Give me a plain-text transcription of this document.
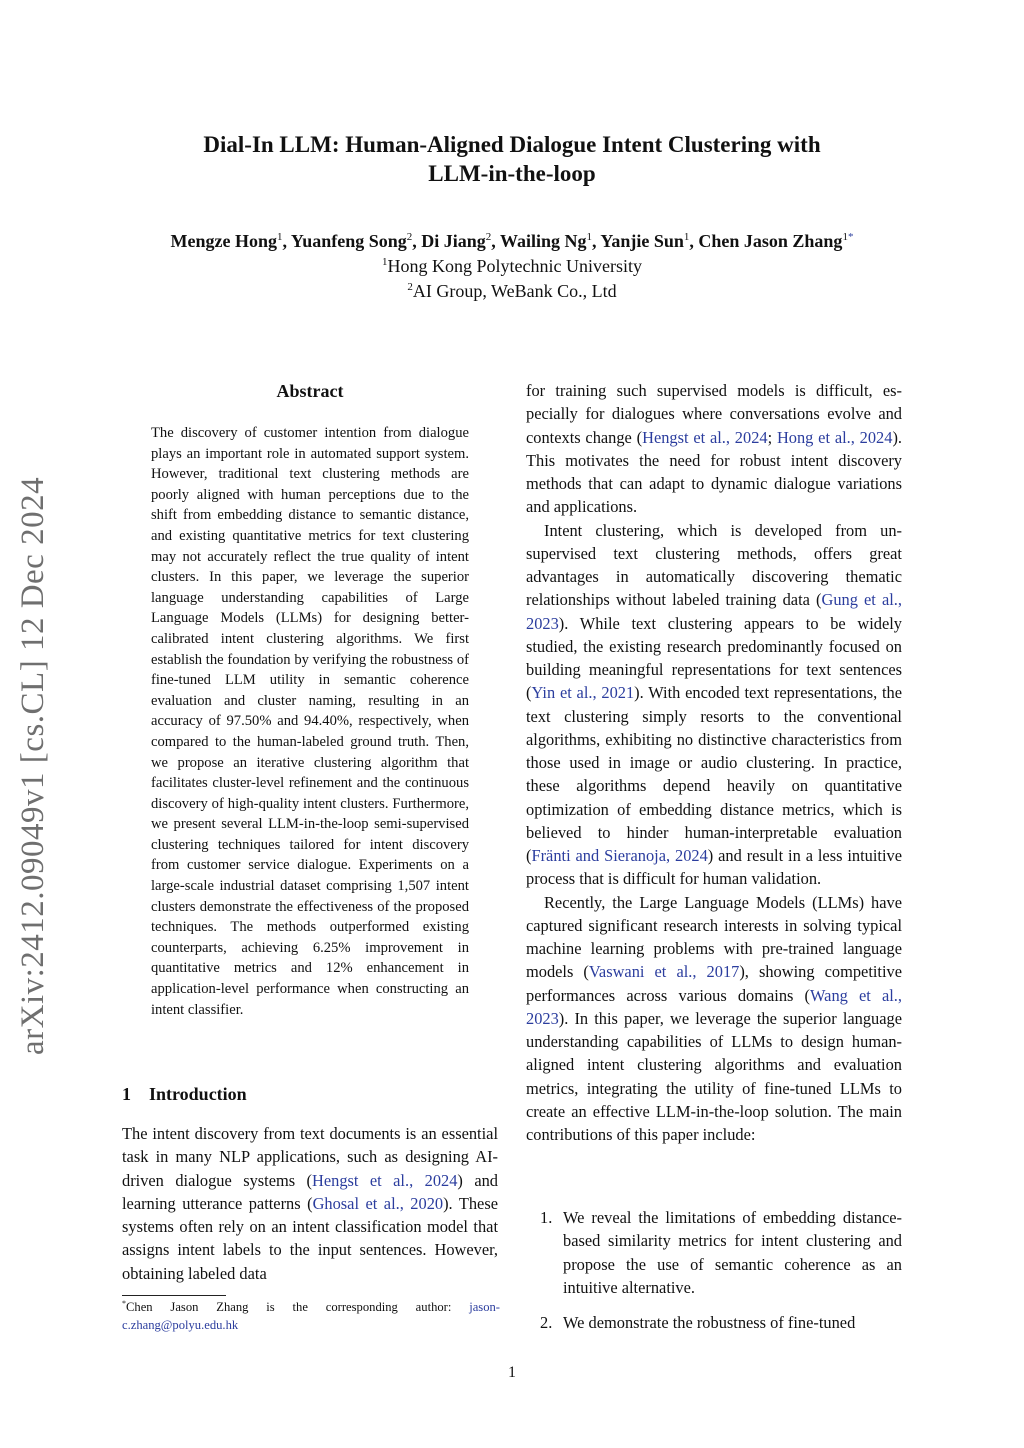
Dial-In LLM: Human-Aligned Dialogue Intent Clustering with
LLM-in-the-loop
Mengze Hong$^1$, Yuanfeng Song$^2$, Di Jiang$^2$, Wailing Ng$^1$, Yanjie Sun$^1$, Chen Jason Zhang$^{1*}$
$^1$Hong Kong Polytechnic University
$^2$AI Group, WeBank Co., Ltd
arXiv:2412.09049v1 [cs.CL] 12 Dec 2024
Abstract
The discovery of customer intention from dialogue plays an important role in automated support system. However, traditional text clustering methods are poorly aligned with human perceptions due to the shift from embedding distance to semantic distance, and existing quantitative metrics for text clustering may not accurately reflect the true quality of intent clusters. In this paper, we leverage the superior language understanding capabilities of Large Language Models (LLMs) for designing better-calibrated intent clustering algorithms. We first establish the foundation by verifying the robustness of fine-tuned LLM utility in semantic coherence evaluation and cluster naming, resulting in an accuracy of 97.50% and 94.40%, respectively, when compared to the human-labeled ground truth. Then, we propose an iterative clustering algorithm that facilitates cluster-level refinement and the continuous discovery of high-quality intent clusters. Furthermore, we present several LLM-in-the-loop semi-supervised clustering techniques tailored for intent discovery from customer service dialogue. Experiments on a large-scale industrial dataset comprising 1,507 intent clusters demonstrate the effectiveness of the proposed techniques. The methods outperformed existing counterparts, achieving 6.25% improvement in quantitative metrics and 12% enhancement in application-level performance when constructing an intent classifier.
1 Introduction

The intent discovery from text documents is an essential task in many NLP applications, such as designing AI-driven dialogue systems (Hengst et al., 2024) and learning utterance patterns (Ghosal et al., 2020). These systems often rely on an intent classification model that assigns intent labels to the input sentences. However, obtaining labeled data

for training such supervised models is difficult, especially for dialogues where conversations evolve and contexts change (Hengst et al., 2024; Hong et al., 2024). This motivates the need for robust intent discovery methods that can adapt to dynamic dialogue variations and applications.

Intent clustering, which is developed from unsupervised text clustering methods, offers great advantages in automatically discovering thematic relationships without labeled training data (Gung et al., 2023). While text clustering appears to be widely studied, the existing research predominantly focused on building meaningful representations for text sentences (Yin et al., 2021). With encoded text representations, the text clustering simply resorts to the conventional algorithms, exhibiting no distinctive characteristics from those used in image or audio clustering. In practice, these algorithms depend heavily on quantitative optimization of embedding distance metrics, which is believed to hinder human-interpretable evaluation (Fränti and Sieranoja, 2024) and result in a less intuitive process that is difficult for human validation.

Recently, the Large Language Models (LLMs) have captured significant research interests in solving typical machine learning problems with pre-trained language models (Vaswani et al., 2017), showing competitive performances across various domains (Wang et al., 2023). In this paper, we leverage the superior language understanding capabilities of LLMs to design human-aligned intent clustering algorithms and evaluation metrics, integrating the utility of fine-tuned LLMs to create an effective LLM-in-the-loop solution. The main contributions of this paper include:

1. We reveal the limitations of embedding distance-based similarity metrics for intent clustering and propose the use of semantic coherence as an intuitive alternative.
2. We demonstrate the robustness of fine-tuned
*Chen Jason Zhang is the corresponding author: jason-c.zhang@polyu.edu.hk
1
